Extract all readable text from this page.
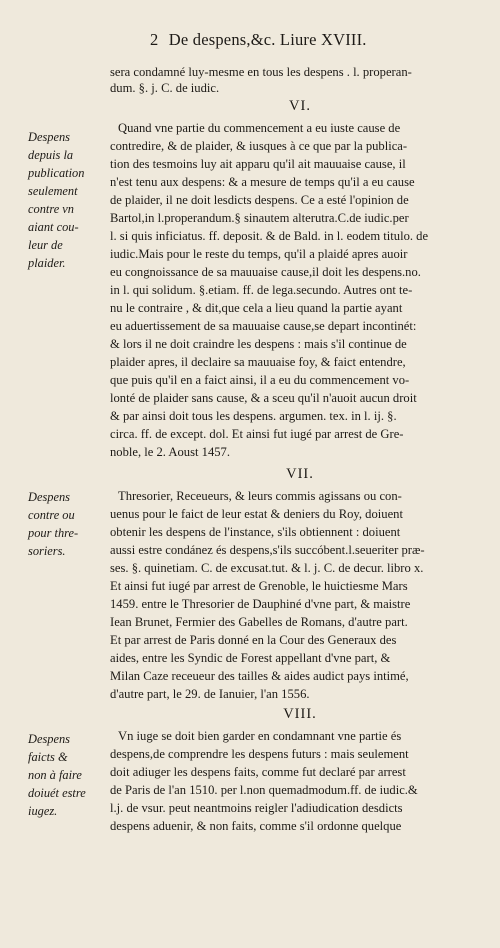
2 De despens,&c. Liure XVIII.
sera condamné luy-mesme en tous les despens . l. properan-
dum. §. j. C. de iudic.
VI.
Despens
depuis la
publication
seulement
contre vn
aiant cou-
leur de
plaider.
Quand vne partie du commencement a eu iuste cause de
contredire, & de plaider, & iusques à ce que par la publica-
tion des tesmoins luy ait apparu qu'il ait mauuaise cause, il
n'est tenu aux despens: & a mesure de temps qu'il a eu cause
de plaider, il ne doit lesdicts despens. Ce a esté l'opinion de
Bartol,in l.properandum.§ sinautem alterutra.C.de iudic.per
l. si quis inficiatus. ff. deposit. & de Bald. in l. eodem titulo. de
iudic.Mais pour le reste du temps, qu'il a plaidé apres auoir
eu congnoissance de sa mauuaise cause,il doit les despens.no.
in l. qui solidum. §.etiam. ff. de lega.secundo. Autres ont te-
nu le contraire , & dit,que cela a lieu quand la partie ayant
eu aduertissement de sa mauuaise cause,se depart incontinét:
& lors il ne doit craindre les despens : mais s'il continue de
plaider apres, il declaire sa mauuaise foy, & faict entendre,
que puis qu'il en a faict ainsi, il a eu du commencement vo-
lonté de plaider sans cause, & a sceu qu'il n'auoit aucun droit
& par ainsi doit tous les despens. argumen. tex. in l. ij. §.
circa. ff. de except. dol. Et ainsi fut iugé par arrest de Gre-
noble, le 2. Aoust 1457.
VII.
Despens
contre ou
pour thre-
soriers.
Thresorier, Receueurs, & leurs commis agissans ou con-
uenus pour le faict de leur estat & deniers du Roy, doiuent
obtenir les despens de l'instance, s'ils obtiennent : doiuent
aussi estre condánez és despens,s'ils succóbent.l.seueriter præ-
ses. §. quinetiam. C. de excusat.tut. & l. j. C. de decur. libro x.
Et ainsi fut iugé par arrest de Grenoble, le huictiesme Mars
1459. entre le Thresorier de Dauphiné d'vne part, & maistre
Iean Brunet, Fermier des Gabelles de Romans, d'autre part.
Et par arrest de Paris donné en la Cour des Generaux des
aides, entre les Syndic de Forest appellant d'vne part, &
Milan Caze receueur des tailles & aides audict pays intimé,
d'autre part, le 29. de Ianuier, l'an 1556.
VIII.
Despens
faicts &
non à faire
doiuét estre
iugez.
Vn iuge se doit bien garder en condamnant vne partie és
despens,de comprendre les despens futurs : mais seulement
doit adiuger les despens faits, comme fut declaré par arrest
de Paris de l'an 1510. per l.non quemadmodum.ff. de iudic.&
l.j. de vsur. peut neantmoins reigler l'adiudication desdicts
despens aduenir, & non faits, comme s'il ordonne quelque
